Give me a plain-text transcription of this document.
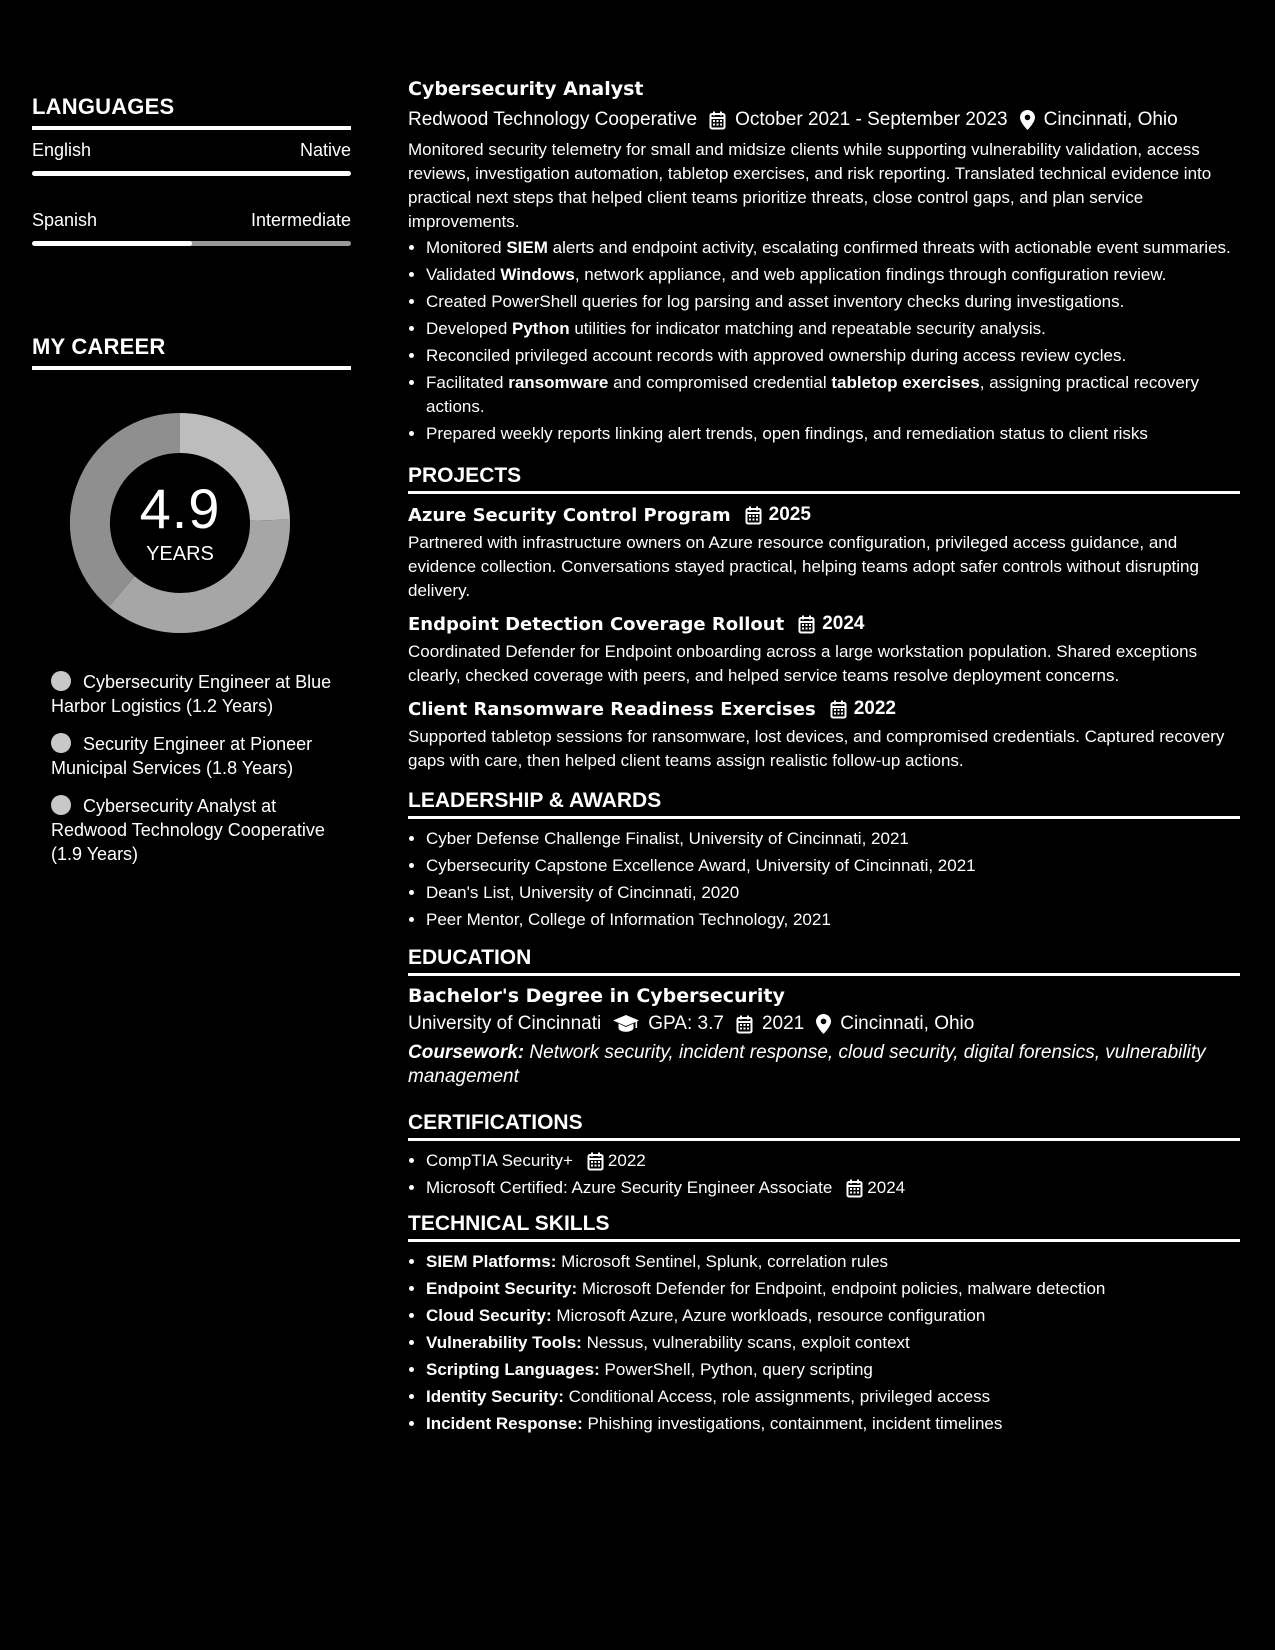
LANGUAGES
English	Native
Spanish	Intermediate
MY CAREER
4.9
YEARS
Cybersecurity Engineer at Blue Harbor Logistics (1.2 Years)
Security Engineer at Pioneer Municipal Services (1.8 Years)
Cybersecurity Analyst at Redwood Technology Cooperative (1.9 Years)
Cybersecurity Analyst
Redwood Technology Cooperative October 2021 - September 2023 Cincinnati, Ohio
Monitored security telemetry for small and midsize clients while supporting vulnerability validation, access reviews, investigation automation, tabletop exercises, and risk reporting. Translated technical evidence into practical next steps that helped client teams prioritize threats, close control gaps, and plan service improvements.
• Monitored SIEM alerts and endpoint activity, escalating confirmed threats with actionable event summaries.
• Validated Windows, network appliance, and web application findings through configuration review.
• Created PowerShell queries for log parsing and asset inventory checks during investigations.
• Developed Python utilities for indicator matching and repeatable security analysis.
• Reconciled privileged account records with approved ownership during access review cycles.
• Facilitated ransomware and compromised credential tabletop exercises, assigning practical recovery actions.
• Prepared weekly reports linking alert trends, open findings, and remediation status to client risks
PROJECTS
Azure Security Control Program 2025
Partnered with infrastructure owners on Azure resource configuration, privileged access guidance, and evidence collection. Conversations stayed practical, helping teams adopt safer controls without disrupting delivery.
Endpoint Detection Coverage Rollout 2024
Coordinated Defender for Endpoint onboarding across a large workstation population. Shared exceptions clearly, checked coverage with peers, and helped service teams resolve deployment concerns.
Client Ransomware Readiness Exercises 2022
Supported tabletop sessions for ransomware, lost devices, and compromised credentials. Captured recovery gaps with care, then helped client teams assign realistic follow-up actions.
LEADERSHIP & AWARDS
• Cyber Defense Challenge Finalist, University of Cincinnati, 2021
• Cybersecurity Capstone Excellence Award, University of Cincinnati, 2021
• Dean's List, University of Cincinnati, 2020
• Peer Mentor, College of Information Technology, 2021
EDUCATION
Bachelor's Degree in Cybersecurity
University of Cincinnati GPA: 3.7 2021 Cincinnati, Ohio
Coursework: Network security, incident response, cloud security, digital forensics, vulnerability management
CERTIFICATIONS
• CompTIA Security+ 2022
• Microsoft Certified: Azure Security Engineer Associate 2024
TECHNICAL SKILLS
• SIEM Platforms: Microsoft Sentinel, Splunk, correlation rules
• Endpoint Security: Microsoft Defender for Endpoint, endpoint policies, malware detection
• Cloud Security: Microsoft Azure, Azure workloads, resource configuration
• Vulnerability Tools: Nessus, vulnerability scans, exploit context
• Scripting Languages: PowerShell, Python, query scripting
• Identity Security: Conditional Access, role assignments, privileged access
• Incident Response: Phishing investigations, containment, incident timelines
